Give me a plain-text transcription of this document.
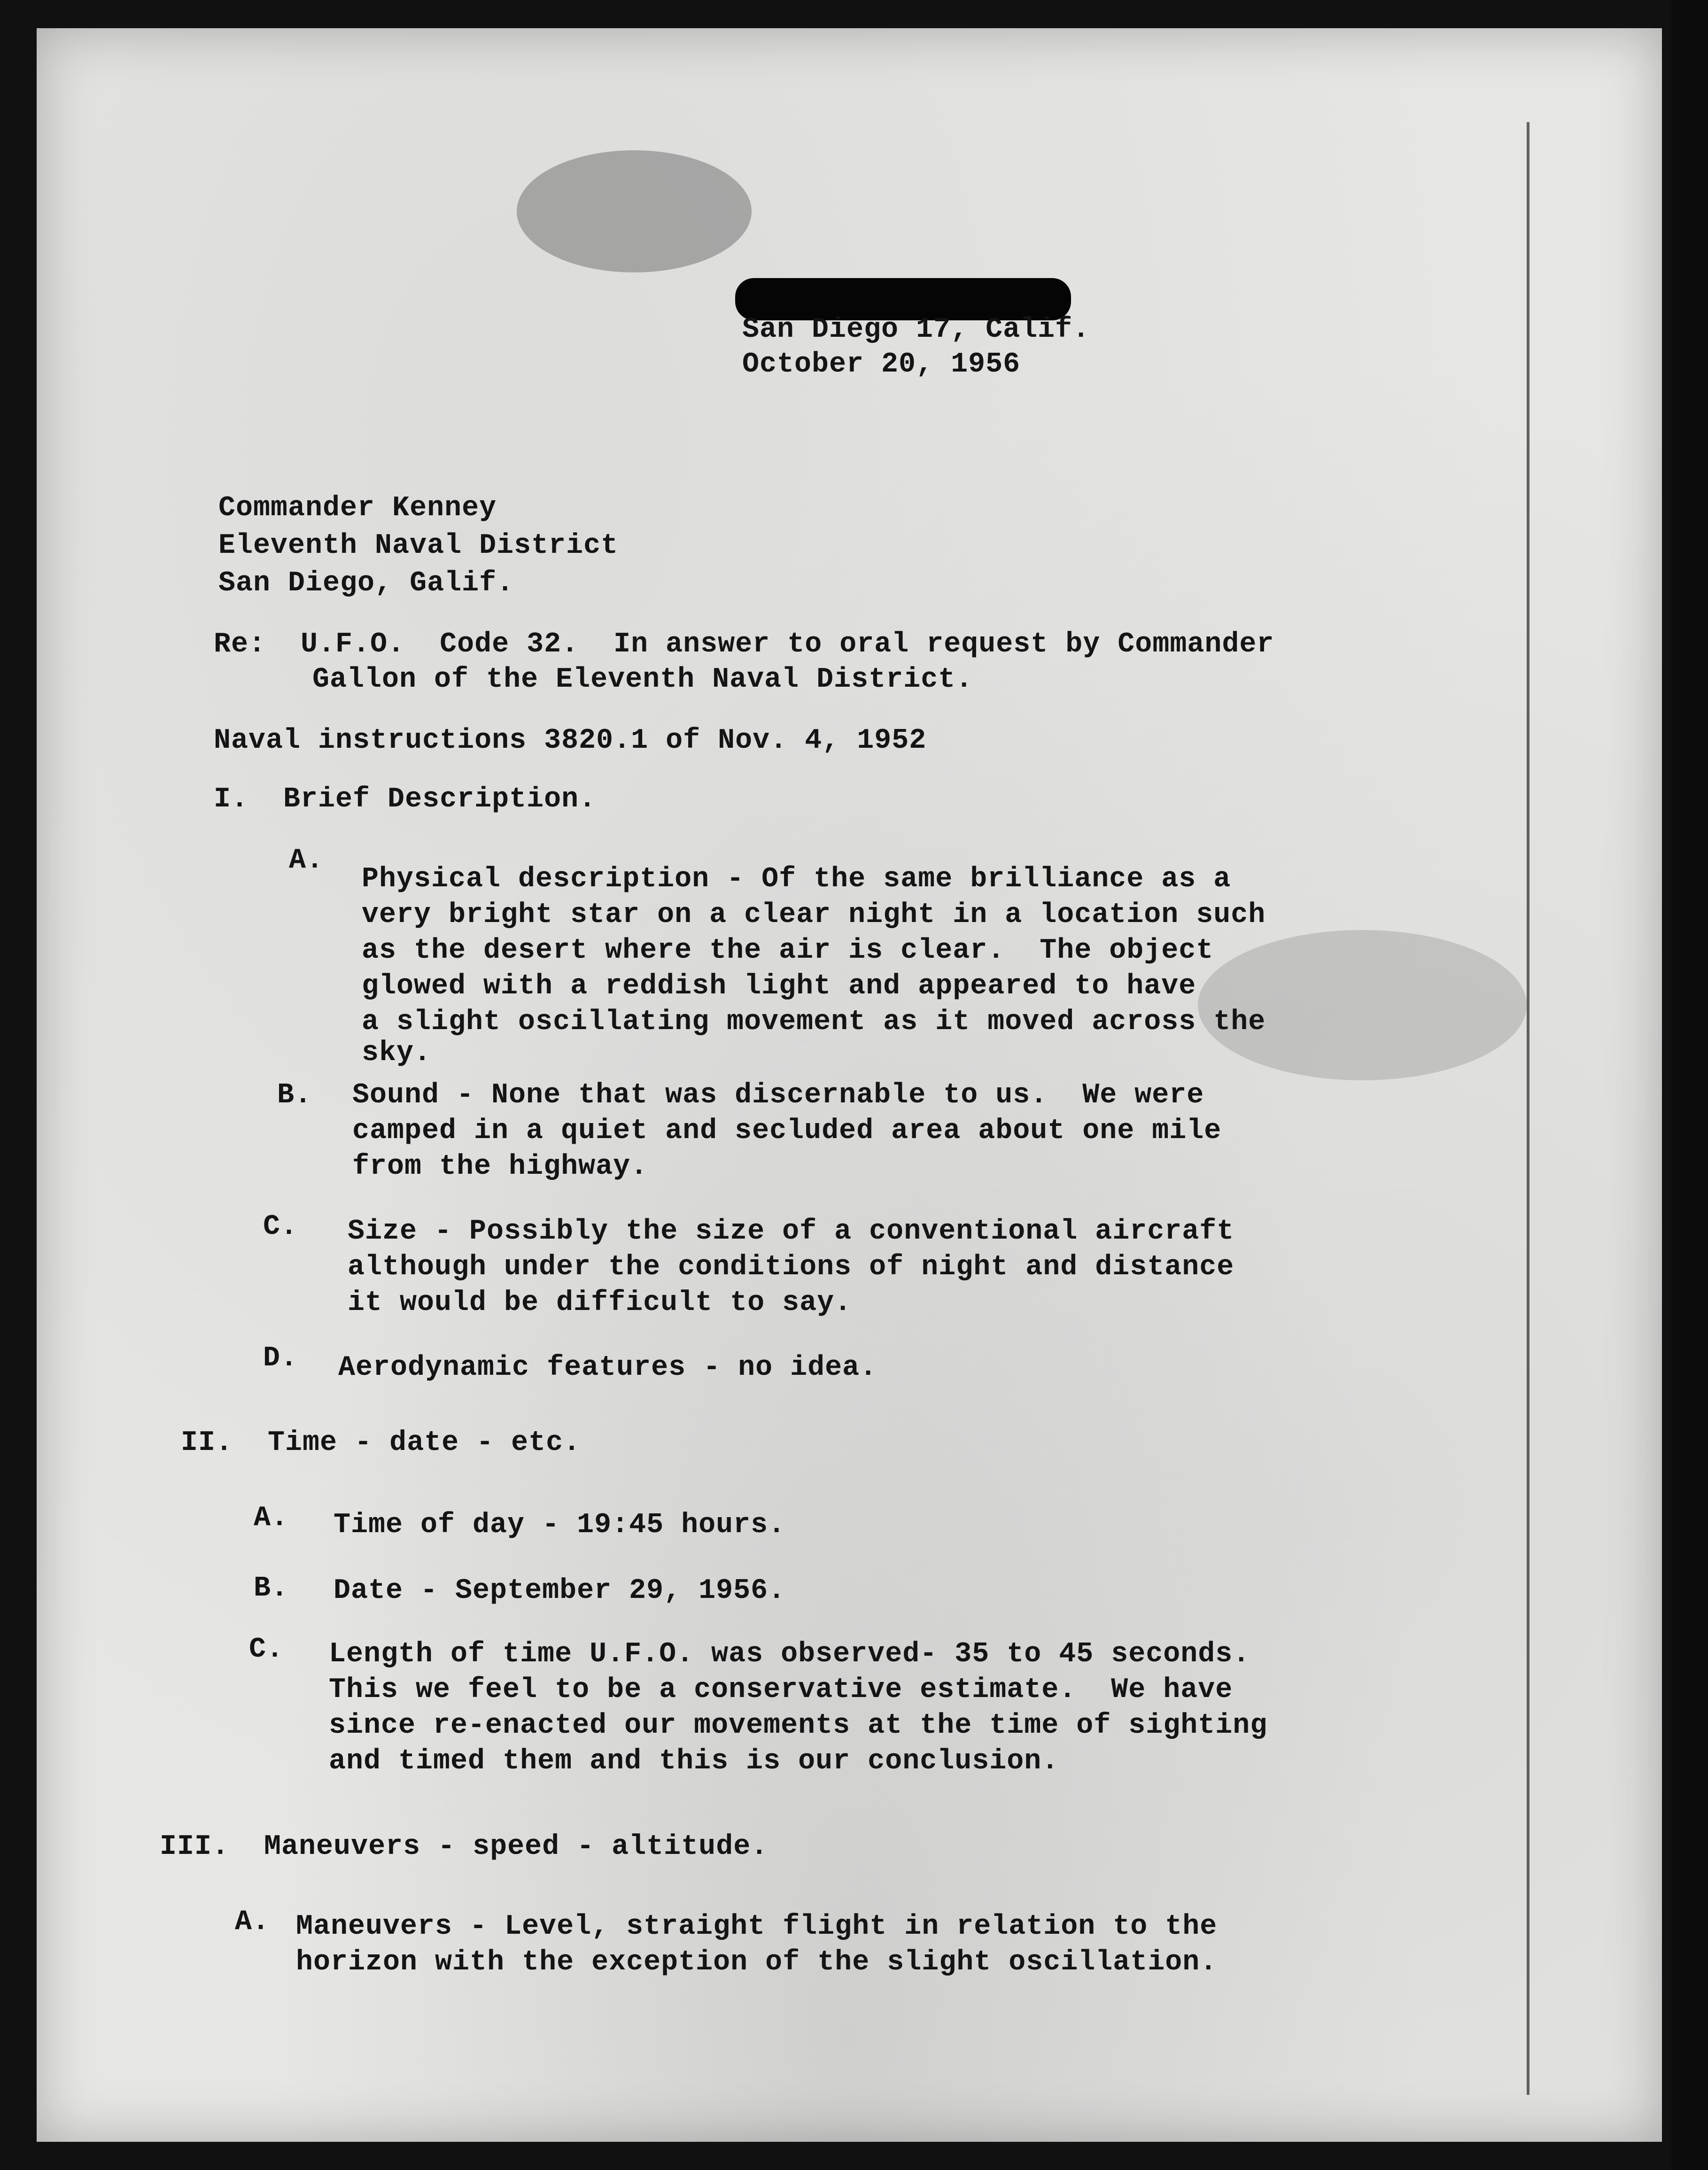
San Diego 17, Calif.
October 20, 1956
Commander Kenney
Eleventh Naval District
San Diego, Galif.
Re:  U.F.O.  Code 32.  In answer to oral request by Commander
Gallon of the Eleventh Naval District.
Naval instructions 3820.1 of Nov. 4, 1952
I.  Brief Description.
A.
Physical description - Of the same brilliance as a
very bright star on a clear night in a location such
as the desert where the air is clear.  The object
glowed with a reddish light and appeared to have
a slight oscillating movement as it moved across the
sky.
B. Sound - None that was discernable to us.  We were
camped in a quiet and secluded area about one mile
from the highway.
C. Size - Possibly the size of a conventional aircraft
although under the conditions of night and distance
it would be difficult to say.
D. Aerodynamic features - no idea.
II.  Time - date - etc.
A. Time of day - 19:45 hours.
B. Date - September 29, 1956.
C. Length of time U.F.O. was observed- 35 to 45 seconds.
This we feel to be a conservative estimate.  We have
since re-enacted our movements at the time of sighting
and timed them and this is our conclusion.
III.  Maneuvers - speed - altitude.
A. Maneuvers - Level, straight flight in relation to the
horizon with the exception of the slight oscillation.
